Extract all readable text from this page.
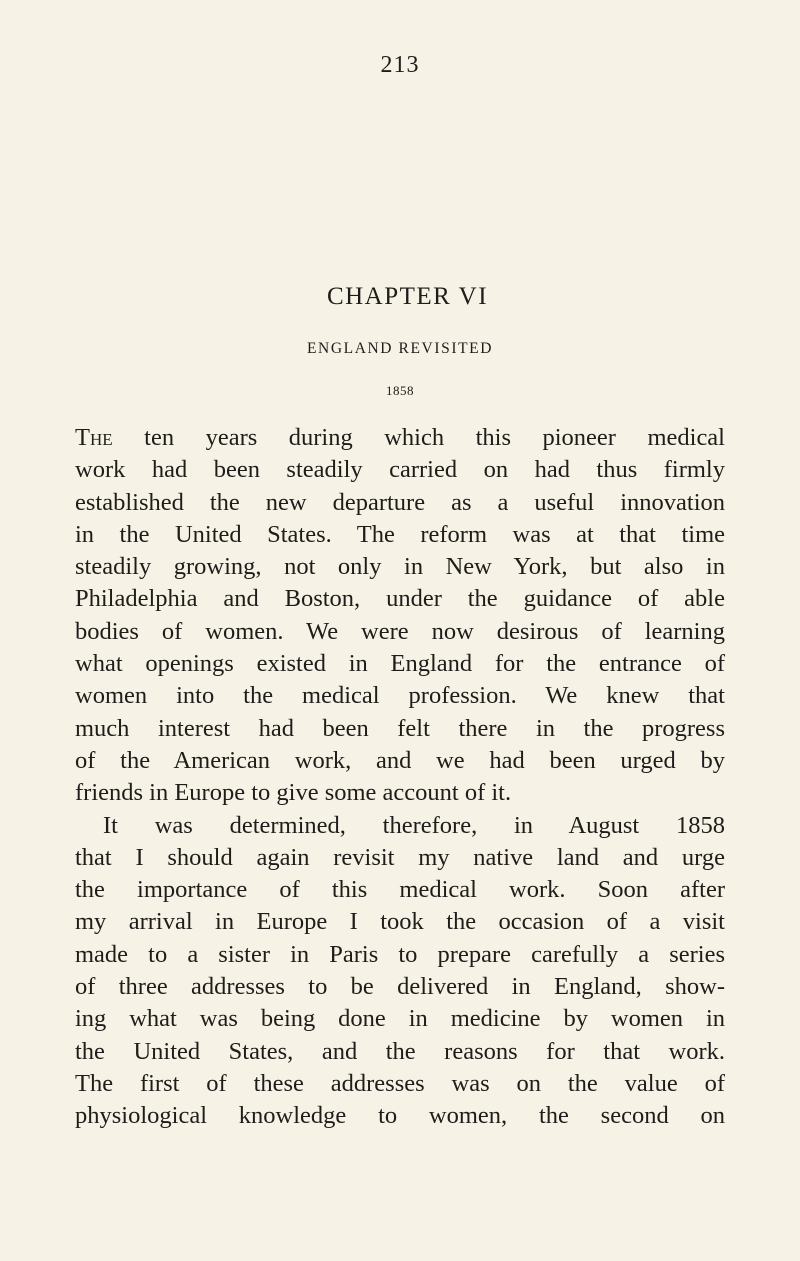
213
CHAPTER VI
ENGLAND REVISITED
1858
The ten years during which this pioneer medical
work had been steadily carried on had thus firmly
established the new departure as a useful innovation
in the United States. The reform was at that time
steadily growing, not only in New York, but also in
Philadelphia and Boston, under the guidance of able
bodies of women. We were now desirous of learning
what openings existed in England for the entrance of
women into the medical profession. We knew that
much interest had been felt there in the progress
of the American work, and we had been urged by
friends in Europe to give some account of it.
It was determined, therefore, in August 1858
that I should again revisit my native land and urge
the importance of this medical work. Soon after
my arrival in Europe I took the occasion of a visit
made to a sister in Paris to prepare carefully a series
of three addresses to be delivered in England, show-
ing what was being done in medicine by women in
the United States, and the reasons for that work.
The first of these addresses was on the value of
physiological knowledge to women, the second on
